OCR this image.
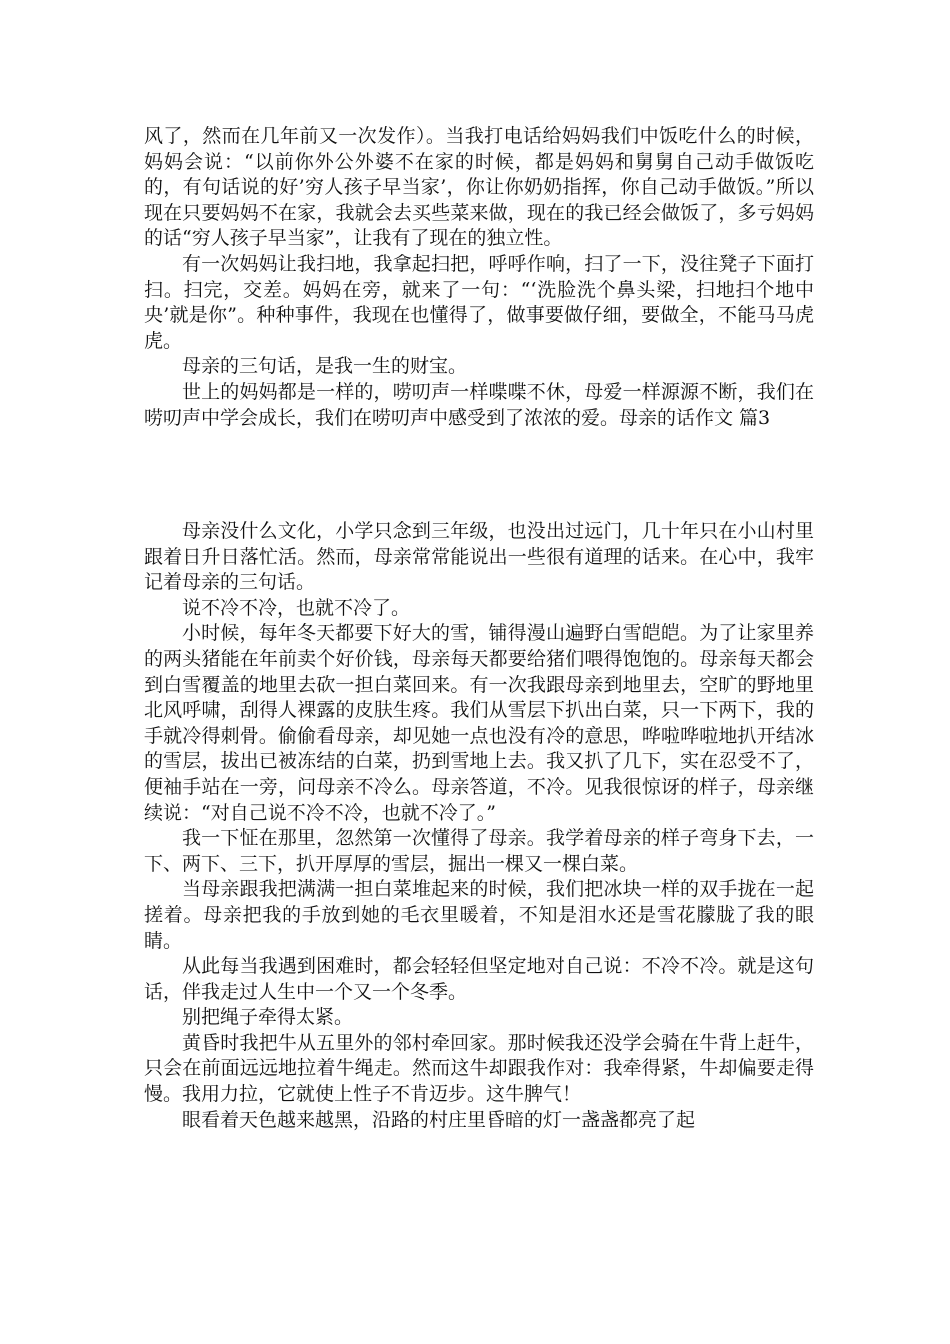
风了，然而在几年前又一次发作）。当我打电话给妈妈我们中饭吃什么的时候，妈妈会说：“以前你外公外婆不在家的时候，都是妈妈和舅舅自己动手做饭吃的，有句话说的好’穷人孩子早当家’，你让你奶奶指挥，你自己动手做饭。”所以现在只要妈妈不在家，我就会去买些菜来做，现在的我已经会做饭了，多亏妈妈的话“穷人孩子早当家”，让我有了现在的独立性。

有一次妈妈让我扫地，我拿起扫把，呼呼作响，扫了一下，没往凳子下面打扫。扫完，交差。妈妈在旁，就来了一句：“‘洗脸洗个鼻头梁，扫地扫个地中央’就是你”。种种事件，我现在也懂得了，做事要做仔细，要做全，不能马马虎虎。

母亲的三句话，是我一生的财宝。

世上的妈妈都是一样的，唠叨声一样喋喋不休，母爱一样源源不断，我们在唠叨声中学会成长，我们在唠叨声中感受到了浓浓的爱。母亲的话作文 篇3

母亲没什么文化，小学只念到三年级，也没出过远门，几十年只在小山村里跟着日升日落忙活。然而，母亲常常能说出一些很有道理的话来。在心中，我牢记着母亲的三句话。

说不冷不冷，也就不冷了。

小时候，每年冬天都要下好大的雪，铺得漫山遍野白雪皑皑。为了让家里养的两头猪能在年前卖个好价钱，母亲每天都要给猪们喂得饱饱的。母亲每天都会到白雪覆盖的地里去砍一担白菜回来。有一次我跟母亲到地里去，空旷的野地里北风呼啸，刮得人裸露的皮肤生疼。我们从雪层下扒出白菜，只一下两下，我的手就冷得刺骨。偷偷看母亲，却见她一点也没有冷的意思，哗啦哗啦地扒开结冰的雪层，拔出已被冻结的白菜，扔到雪地上去。我又扒了几下，实在忍受不了，便袖手站在一旁，问母亲不冷么。母亲答道，不冷。见我很惊讶的样子，母亲继续说：“对自己说不冷不冷，也就不冷了。”

我一下怔在那里，忽然第一次懂得了母亲。我学着母亲的样子弯身下去，一下、两下、三下，扒开厚厚的雪层，掘出一棵又一棵白菜。

当母亲跟我把满满一担白菜堆起来的时候，我们把冰块一样的双手拢在一起搓着。母亲把我的手放到她的毛衣里暖着，不知是泪水还是雪花朦胧了我的眼睛。

从此每当我遇到困难时，都会轻轻但坚定地对自己说：不冷不冷。就是这句话，伴我走过人生中一个又一个冬季。

别把绳子牵得太紧。

黄昏时我把牛从五里外的邻村牵回家。那时候我还没学会骑在牛背上赶牛，只会在前面远远地拉着牛绳走。然而这牛却跟我作对：我牵得紧，牛却偏要走得慢。我用力拉，它就使上性子不肯迈步。这牛脾气！

眼看着天色越来越黑，沿路的村庄里昏暗的灯一盏盏都亮了起
